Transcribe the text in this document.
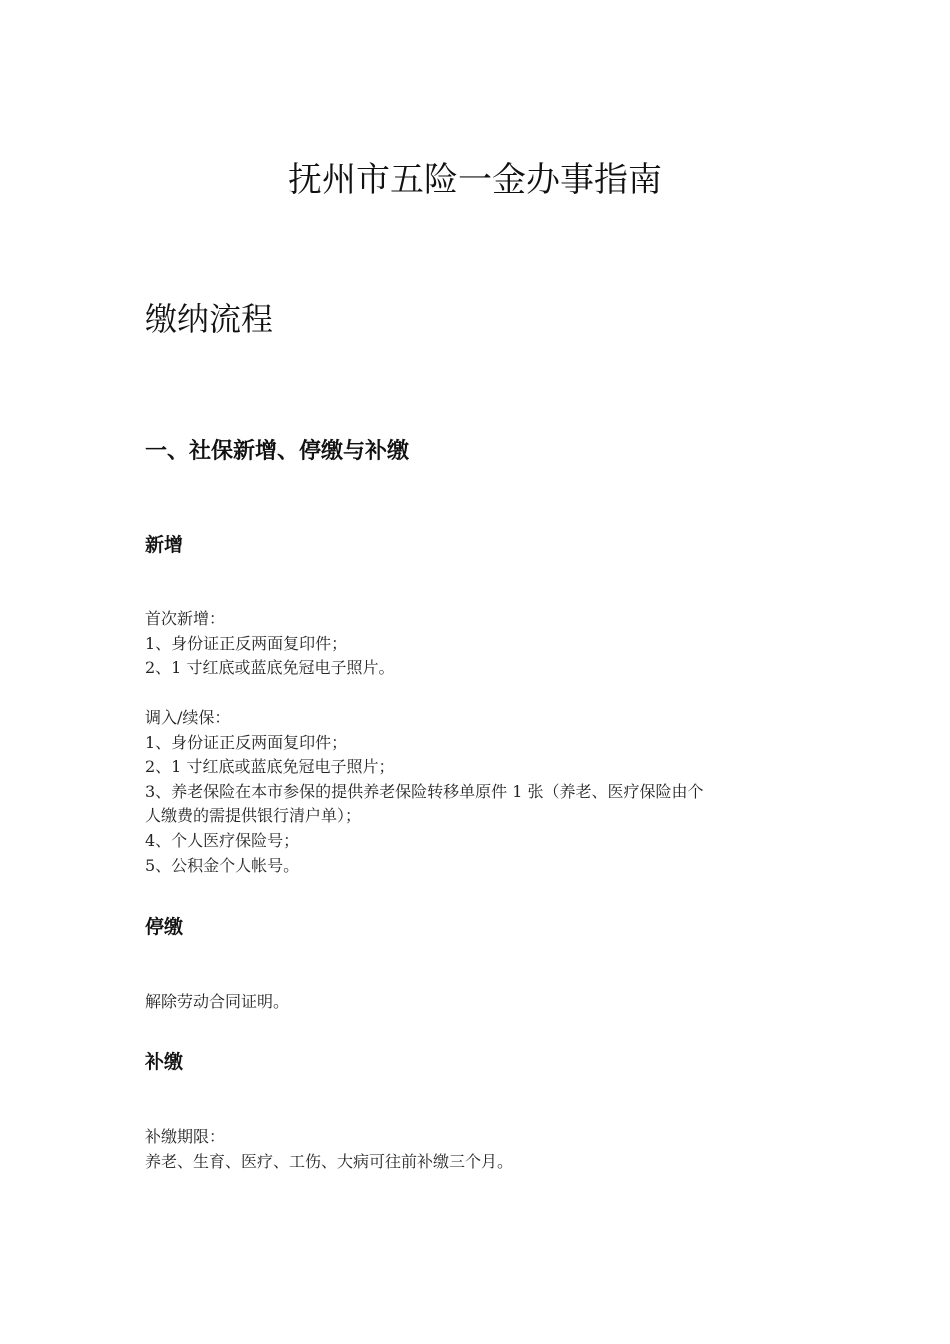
抚州市五险一金办事指南
缴纳流程
一、社保新增、停缴与补缴
新增
首次新增：
1、身份证正反两面复印件；
2、1 寸红底或蓝底免冠电子照片。
调入/续保：
1、身份证正反两面复印件；
2、1 寸红底或蓝底免冠电子照片；
3、养老保险在本市参保的提供养老保险转移单原件 1 张（养老、医疗保险由个
人缴费的需提供银行清户单）；
4、个人医疗保险号；
5、公积金个人帐号。
停缴
解除劳动合同证明。
补缴
补缴期限：
养老、生育、医疗、工伤、大病可往前补缴三个月。
